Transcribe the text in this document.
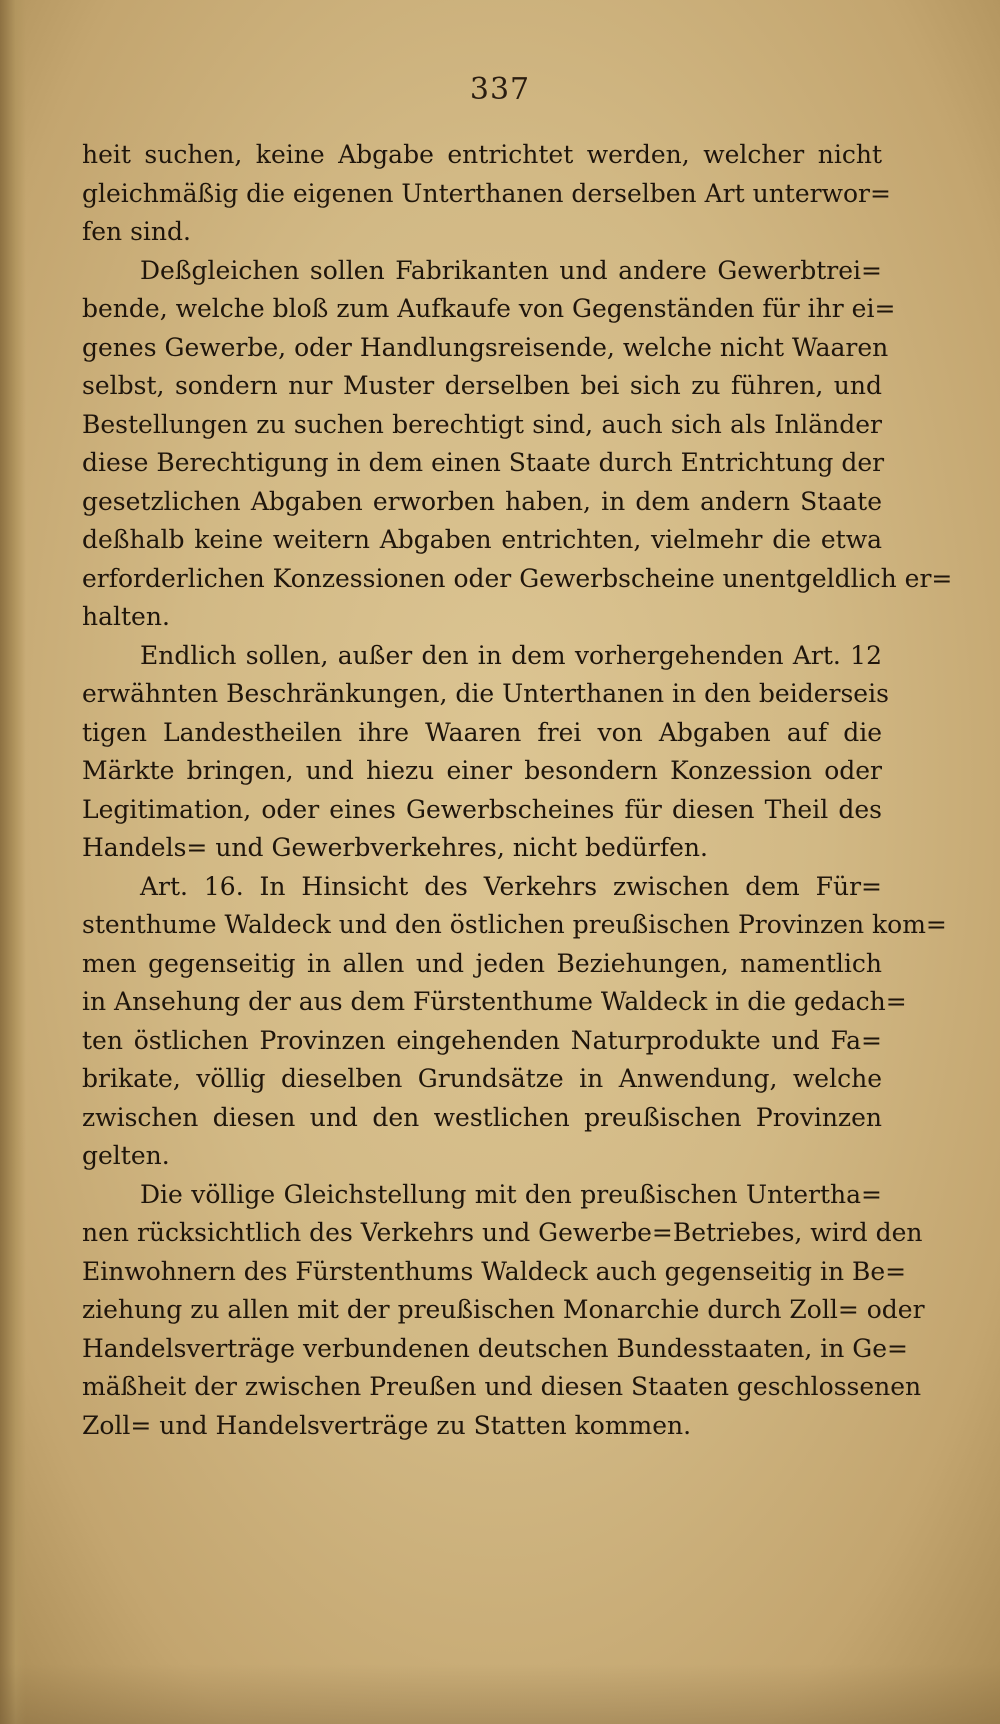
337
heit suchen, keine Abgabe entrichtet werden, welcher nicht
gleichmäßig die eigenen Unterthanen derselben Art unterwor=
fen sind.
Deßgleichen sollen Fabrikanten und andere Gewerbtrei=
bende, welche bloß zum Aufkaufe von Gegenständen für ihr ei=
genes Gewerbe, oder Handlungsreisende, welche nicht Waaren
selbst, sondern nur Muster derselben bei sich zu führen, und
Bestellungen zu suchen berechtigt sind, auch sich als Inländer
diese Berechtigung in dem einen Staate durch Entrichtung der
gesetzlichen Abgaben erworben haben, in dem andern Staate
deßhalb keine weitern Abgaben entrichten, vielmehr die etwa
erforderlichen Konzessionen oder Gewerbscheine unentgeldlich er=
halten.
Endlich sollen, außer den in dem vorhergehenden Art. 12
erwähnten Beschränkungen, die Unterthanen in den beiderseis
tigen Landestheilen ihre Waaren frei von Abgaben auf die
Märkte bringen, und hiezu einer besondern Konzession oder
Legitimation, oder eines Gewerbscheines für diesen Theil des
Handels= und Gewerbverkehres, nicht bedürfen.
Art. 16. In Hinsicht des Verkehrs zwischen dem Für=
stenthume Waldeck und den östlichen preußischen Provinzen kom=
men gegenseitig in allen und jeden Beziehungen, namentlich
in Ansehung der aus dem Fürstenthume Waldeck in die gedach=
ten östlichen Provinzen eingehenden Naturprodukte und Fa=
brikate, völlig dieselben Grundsätze in Anwendung, welche
zwischen diesen und den westlichen preußischen Provinzen
gelten.
Die völlige Gleichstellung mit den preußischen Untertha=
nen rücksichtlich des Verkehrs und Gewerbe=Betriebes, wird den
Einwohnern des Fürstenthums Waldeck auch gegenseitig in Be=
ziehung zu allen mit der preußischen Monarchie durch Zoll= oder
Handelsverträge verbundenen deutschen Bundesstaaten, in Ge=
mäßheit der zwischen Preußen und diesen Staaten geschlossenen
Zoll= und Handelsverträge zu Statten kommen.
